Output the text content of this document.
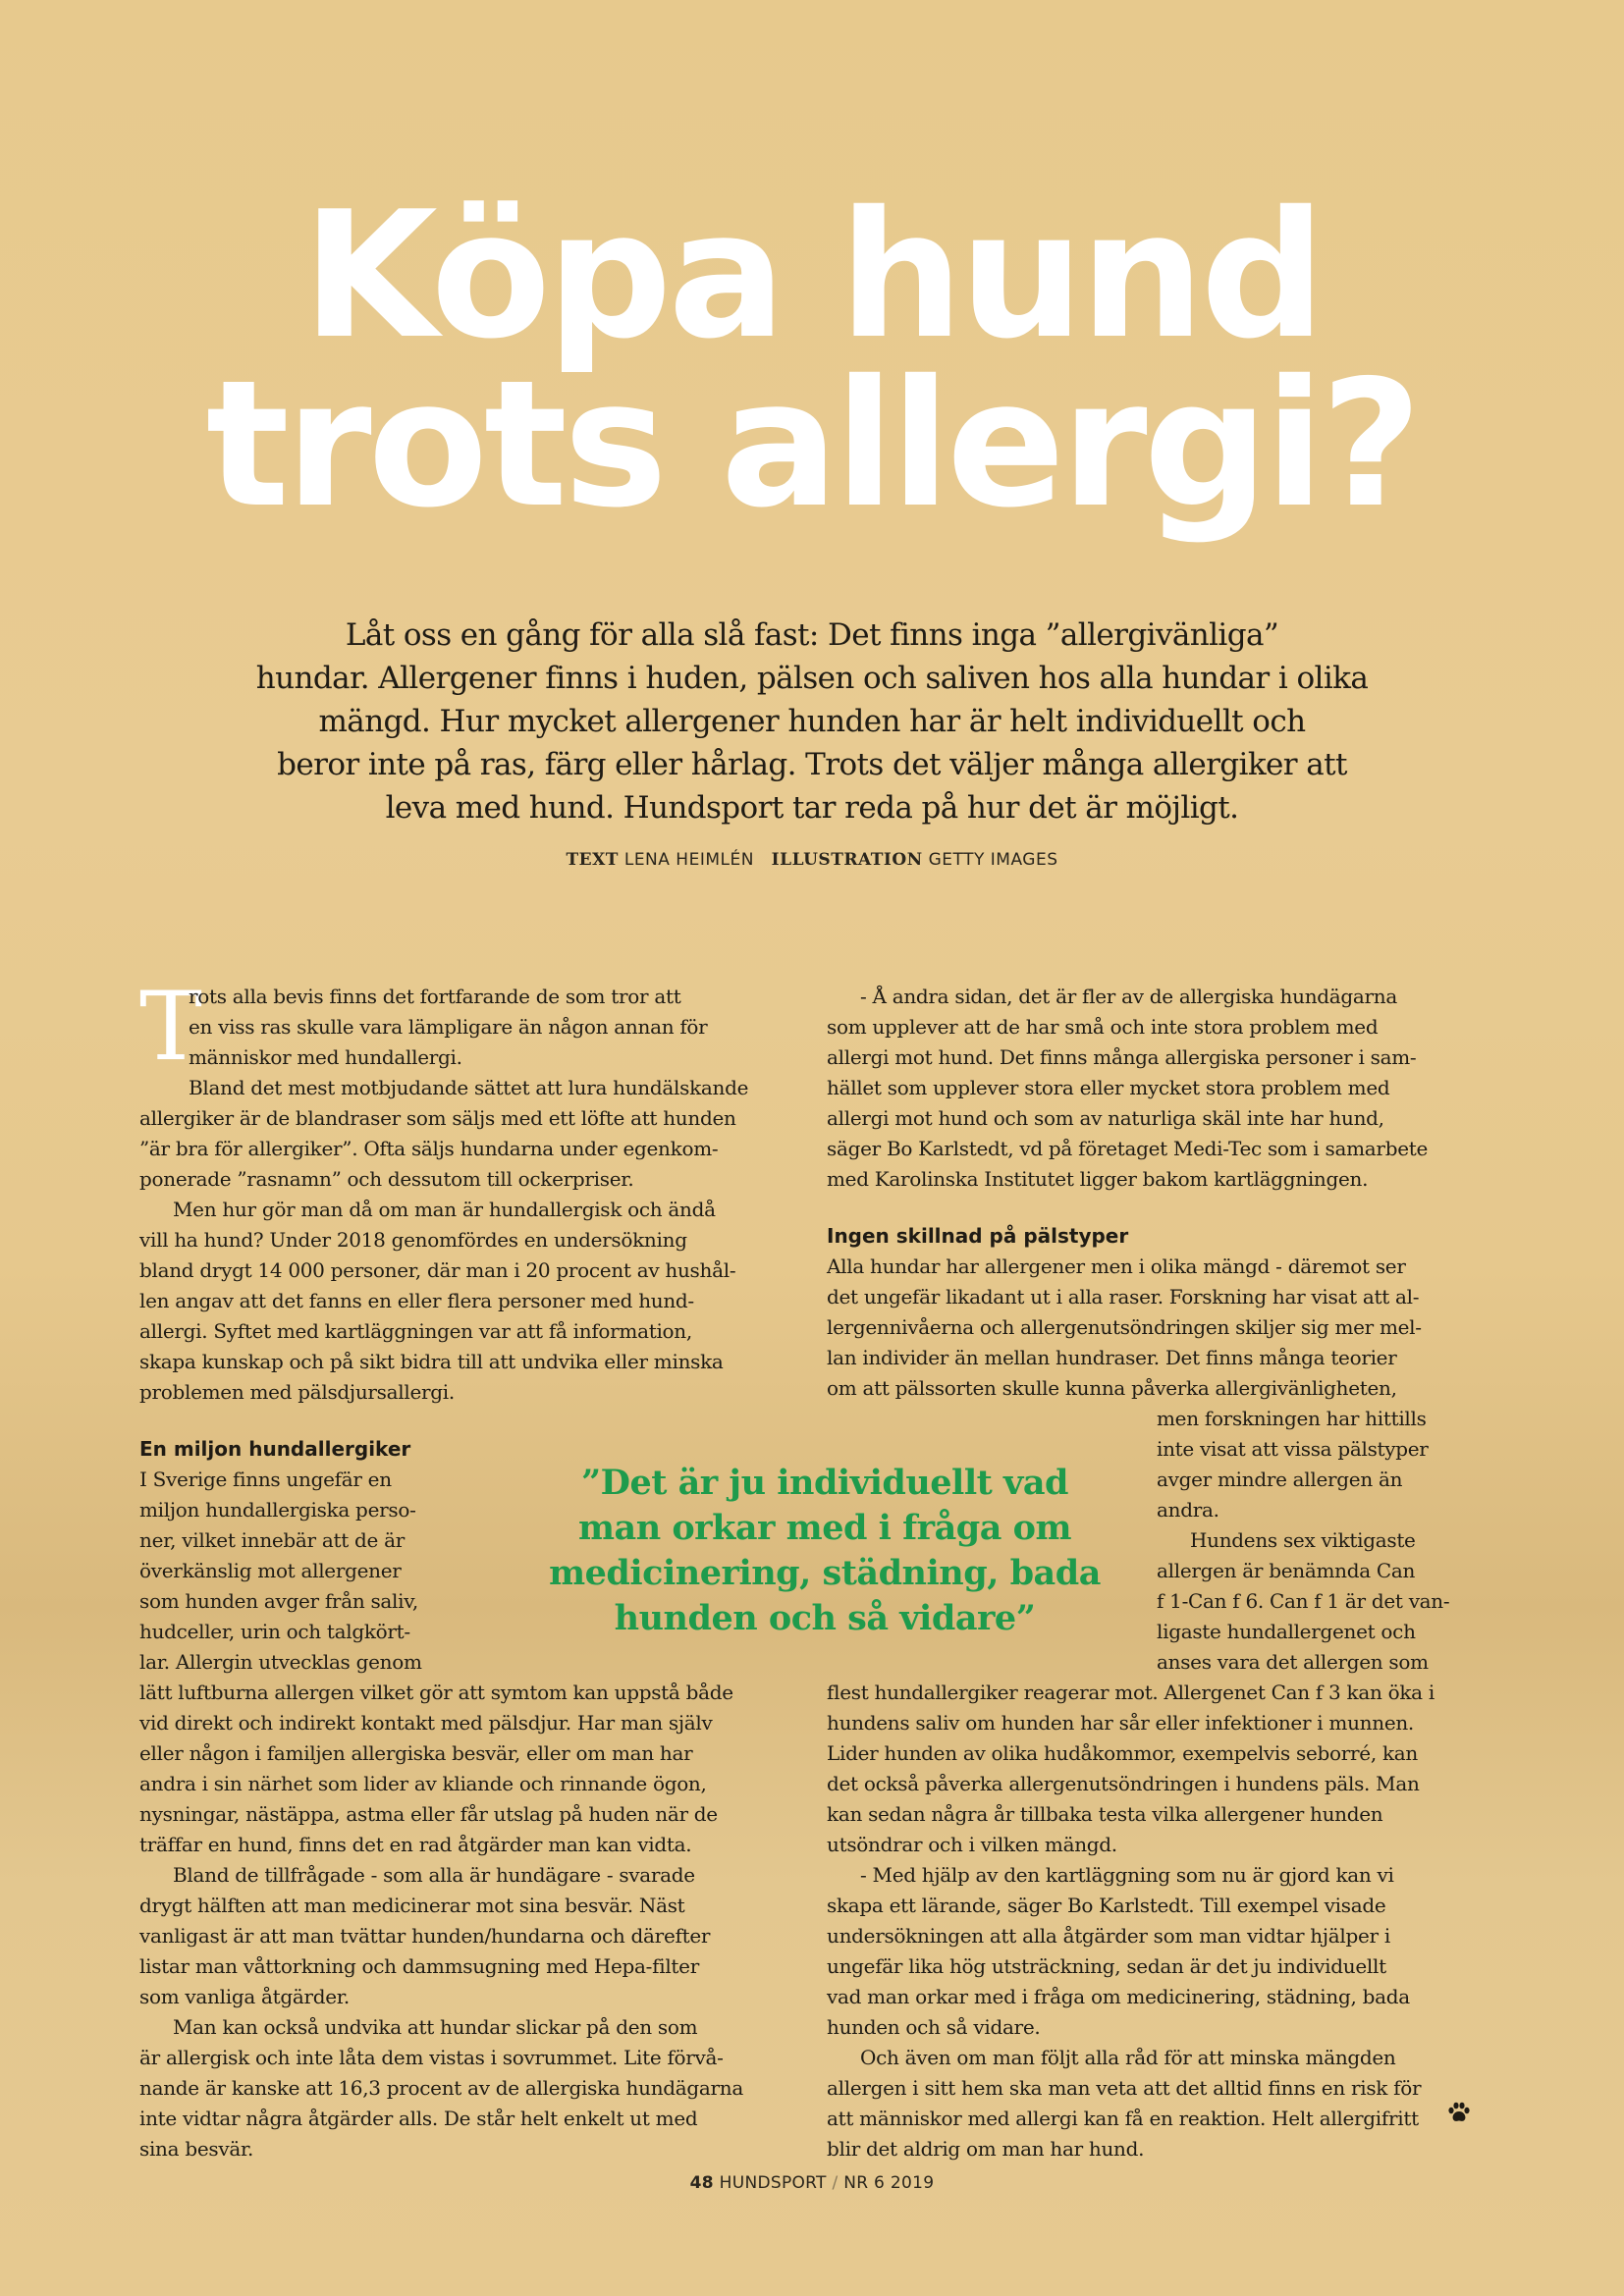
Köpa hund
trots allergi?
Låt oss en gång för alla slå fast: Det finns inga ”allergivänliga”
hundar. Allergener finns i huden, pälsen och saliven hos alla hundar i olika
mängd. Hur mycket allergener hunden har är helt individuellt och
beror inte på ras, färg eller hårlag. Trots det väljer många allergiker att
leva med hund. Hundsport tar reda på hur det är möjligt.
TEXT LENA HEIMLÉN ILLUSTRATION GETTY IMAGES
T
rots alla bevis finns det fortfarande de som tror att
en viss ras skulle vara lämpligare än någon annan för
människor med hundallergi.
Bland det mest motbjudande sättet att lura hundälskande
allergiker är de blandraser som säljs med ett löfte att hunden
”är bra för allergiker”. Ofta säljs hundarna under egenkom-
ponerade ”rasnamn” och dessutom till ockerpriser.
Men hur gör man då om man är hundallergisk och ändå
vill ha hund? Under 2018 genomfördes en undersökning
bland drygt 14 000 personer, där man i 20 procent av hushål-
len angav att det fanns en eller flera personer med hund-
allergi. Syftet med kartläggningen var att få information,
skapa kunskap och på sikt bidra till att undvika eller minska
problemen med pälsdjursallergi.
En miljon hundallergiker
I Sverige finns ungefär en
miljon hundallergiska perso-
ner, vilket innebär att de är
överkänslig mot allergener
som hunden avger från saliv,
hudceller, urin och talgkört-
lar. Allergin utvecklas genom
lätt luftburna allergen vilket gör att symtom kan uppstå både
vid direkt och indirekt kontakt med pälsdjur. Har man själv
eller någon i familjen allergiska besvär, eller om man har
andra i sin närhet som lider av kliande och rinnande ögon,
nysningar, nästäppa, astma eller får utslag på huden när de
träffar en hund, finns det en rad åtgärder man kan vidta.
Bland de tillfrågade - som alla är hundägare - svarade
drygt hälften att man medicinerar mot sina besvär. Näst
vanligast är att man tvättar hunden/hundarna och därefter
listar man våttorkning och dammsugning med Hepa-filter
som vanliga åtgärder.
Man kan också undvika att hundar slickar på den som
är allergisk och inte låta dem vistas i sovrummet. Lite förvå-
nande är kanske att 16,3 procent av de allergiska hundägarna
inte vidtar några åtgärder alls. De står helt enkelt ut med
sina besvär.
- Å andra sidan, det är fler av de allergiska hundägarna
som upplever att de har små och inte stora problem med
allergi mot hund. Det finns många allergiska personer i sam-
hället som upplever stora eller mycket stora problem med
allergi mot hund och som av naturliga skäl inte har hund,
säger Bo Karlstedt, vd på företaget Medi-Tec som i samarbete
med Karolinska Institutet ligger bakom kartläggningen.
Ingen skillnad på pälstyper
Alla hundar har allergener men i olika mängd - däremot ser
det ungefär likadant ut i alla raser. Forskning har visat att al-
lergennivåerna och allergenutsöndringen skiljer sig mer mel-
lan individer än mellan hundraser. Det finns många teorier
om att pälssorten skulle kunna påverka allergivänligheten,
men forskningen har hittills
inte visat att vissa pälstyper
avger mindre allergen än
andra.
Hundens sex viktigaste
allergen är benämnda Can
f 1-Can f 6. Can f 1 är det van-
ligaste hundallergenet och
anses vara det allergen som
flest hundallergiker reagerar mot. Allergenet Can f 3 kan öka i
hundens saliv om hunden har sår eller infektioner i munnen.
Lider hunden av olika hudåkommor, exempelvis seborré, kan
det också påverka allergenutsöndringen i hundens päls. Man
kan sedan några år tillbaka testa vilka allergener hunden
utsöndrar och i vilken mängd.
- Med hjälp av den kartläggning som nu är gjord kan vi
skapa ett lärande, säger Bo Karlstedt. Till exempel visade
undersökningen att alla åtgärder som man vidtar hjälper i
ungefär lika hög utsträckning, sedan är det ju individuellt
vad man orkar med i fråga om medicinering, städning, bada
hunden och så vidare.
Och även om man följt alla råd för att minska mängden
allergen i sitt hem ska man veta att det alltid finns en risk för
att människor med allergi kan få en reaktion. Helt allergifritt
blir det aldrig om man har hund.
”Det är ju individuellt vad
man orkar med i fråga om
medicinering, städning, bada
hunden och så vidare”
48 HUNDSPORT / NR 6 2019
